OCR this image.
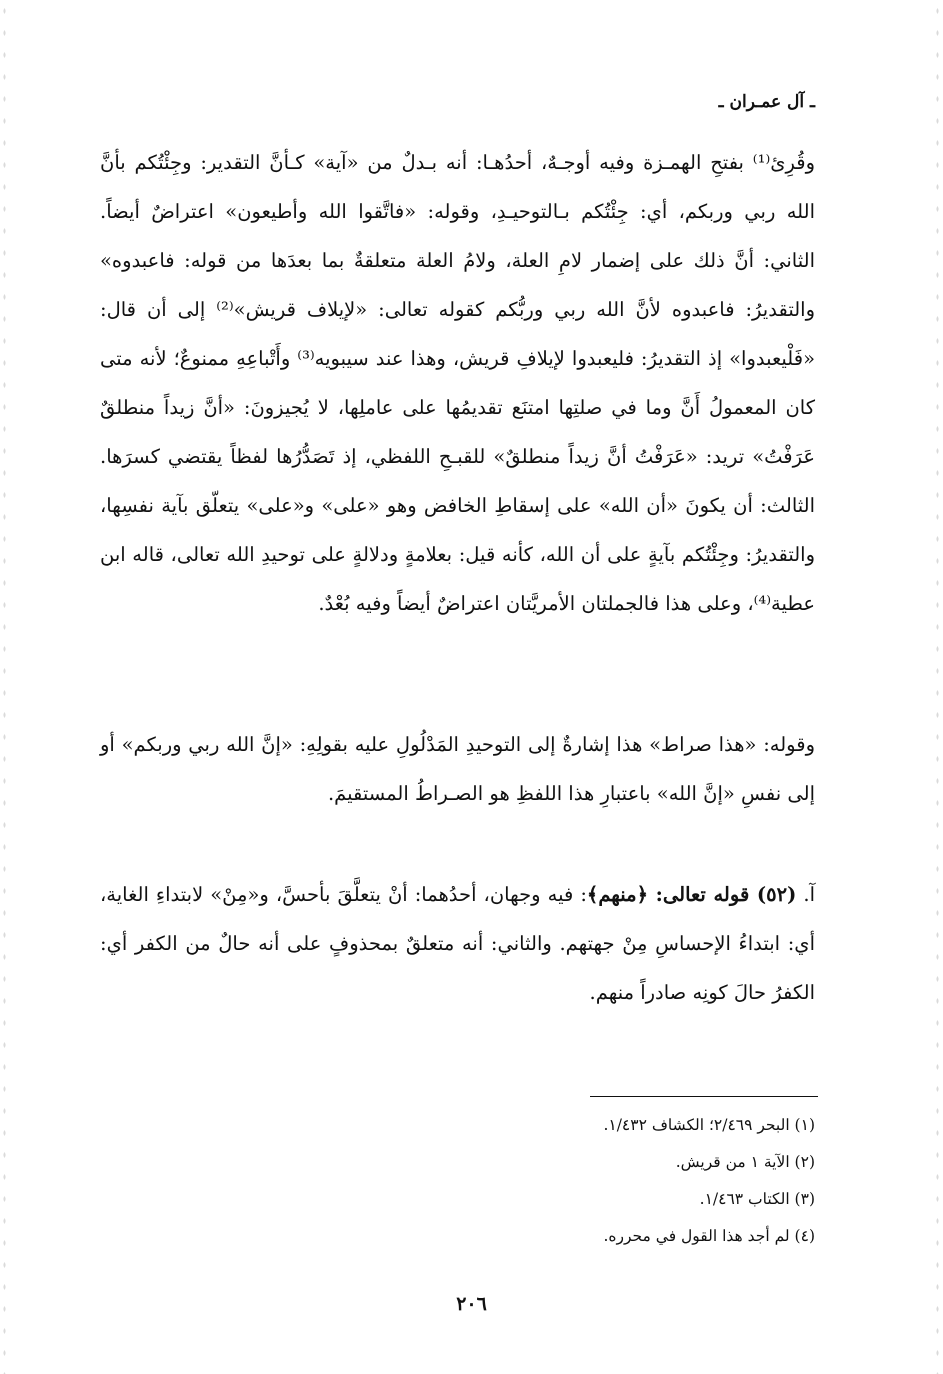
ـ آل عمـران ـ

وقُرِئ⁽¹⁾ بفتحِ الهمـزة وفيه أوجـهٌ، أحدُهـا: أنه بـدلٌ من «آية» كـأنَّ التقدير: وجِئْتُكم بأنَّ الله ربي وربكم، أي: جِئْتُكم بـالتوحيـدِ، وقوله: «فاتَّقوا الله وأطيعون» اعتراضٌ أيضاً. الثاني: أنَّ ذلك على إضمار لامِ العلة، ولامُ العلة متعلقةٌ بما بعدَها من قوله: فاعبدوه» والتقديرُ: فاعبدوه لأنَّ الله ربي وربُّكم كقوله تعالى: «لإيلاف قريش»⁽²⁾ إلى أن قال: «فَلْيعبدوا» إذ التقديرُ: فليعبدوا لإيلافِ قريش، وهذا عند سيبويه⁽³⁾ وأَتْباعِهِ ممنوعٌ؛ لأنه متى كان المعمولُ أَنَّ وما في صلتِها امتنَع تقديمُها على عاملِها، لا يُجيزونَ: «أنَّ زيداً منطلقٌ عَرَفْتُ» تريد: «عَرَفْتُ أنَّ زيداً منطلقٌ» للقبـحِ اللفظي، إذ تَصَدُّرُها لفظاً يقتضي كسرَها. الثالث: أن يكونَ «أن الله» على إسقاطِ الخافض وهو «على» و«على» يتعلّق بآية نفسِها، والتقديرُ: وجِئْتُكم بآيةٍ على أن الله، كأنه قيل: بعلامةٍ ودلالةٍ على توحيدِ الله تعالى، قاله ابن عطية⁽⁴⁾، وعلى هذا فالجملتان الأمريَّتان اعتراضٌ أيضاً وفيه بُعْدٌ.

وقوله: «هذا صراط» هذا إشارةٌ إلى التوحيدِ المَدْلُولِ عليه بقولِهِ: «إنَّ الله ربي وربكم» أو إلى نفسِ «إنَّ الله» باعتبارِ هذا اللفظِ هو الصـراطُ المستقيمَ.

آ. (٥٢) قوله تعالى: ﴿منهم﴾: فيه وجهان، أحدُهما: أنْ يتعلَّقَ بأحسَّ، و«مِنْ» لابتداءِ الغاية، أي: ابتداءُ الإحساسِ مِنْ جهتهم. والثاني: أنه متعلقٌ بمحذوفٍ على أنه حالٌ من الكفر أي: الكفرُ حالَ كونِه صادراً منهم.

(١) البحر ٢/٤٦٩؛ الكشاف ١/٤٣٢.
(٢) الآية ١ من قريش.
(٣) الكتاب ١/٤٦٣.
(٤) لم أجد هذا القول في محرره.
٢٠٦
